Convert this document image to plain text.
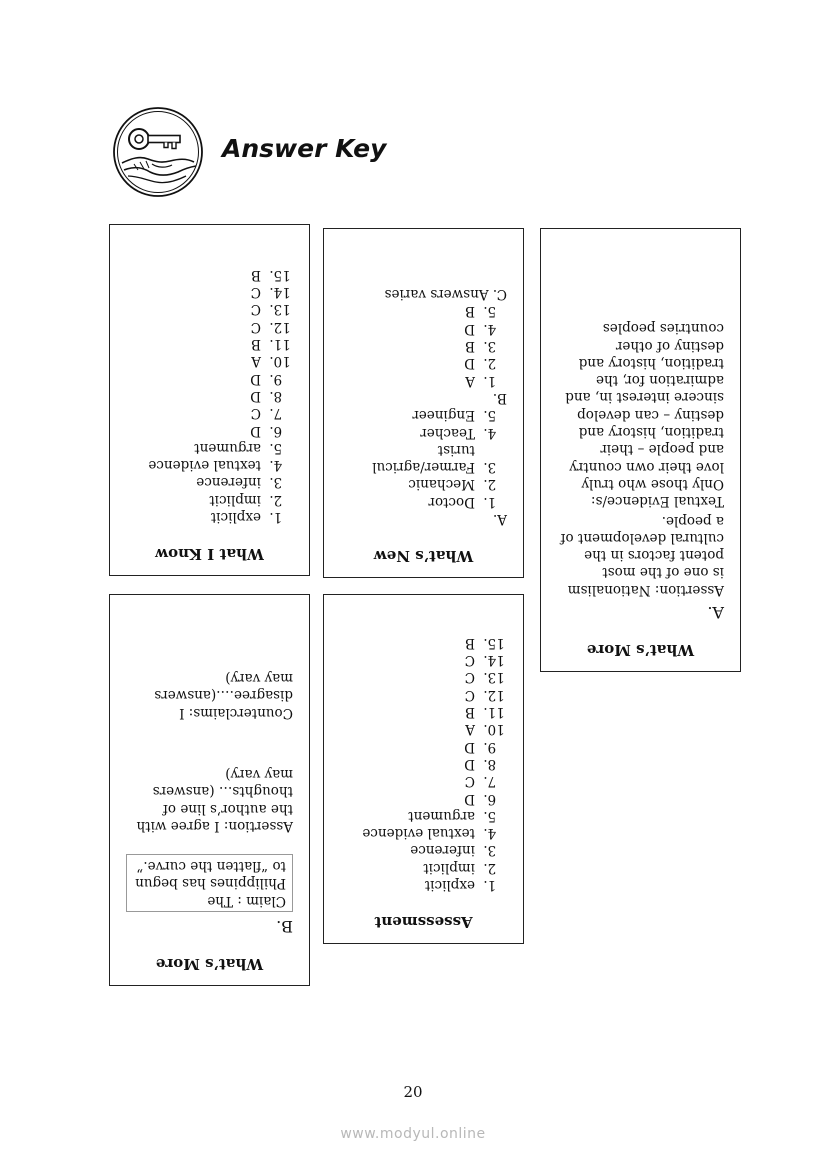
Answer Key
What I Know
1. explicit
2. implicit
3. inference
4. textual evidence
5. argument
6. D
7. C
8. D
9. D
10. A
11. B
12. C
13. C
14. C
15. B
What’s New

A.

1. Doctor
2. Mechanic
3. Farmer/agricul turist
4. Teacher
5. Engineer

B.

1. A
2. D
3. B
4. D
5. B

C. Answers varies

What’s More

A.

Assertion: Nationalism is one of the most potent factors in the cultural development of a people.

Textual Evidence/s: Only those who truly love their own country and people – their tradition, history and destiny – can develop sincere interest in, and admiration for, the tradition, history and destiny of other countries peoples

What’s More

B.

Claim : The Philippines has begun to “flatten the curve.”

Assertion: I agree with the author’s line of thoughts… (answers may vary)

Counterclaims: I disagree….(answers may vary)

Assessment
1. explicit
2. implicit
3. inference
4. textual evidence
5. argument
6. D
7. C
8. D
9. D
10. A
11. B
12. C
13. C
14. C
15. B
20
www.modyul.online
